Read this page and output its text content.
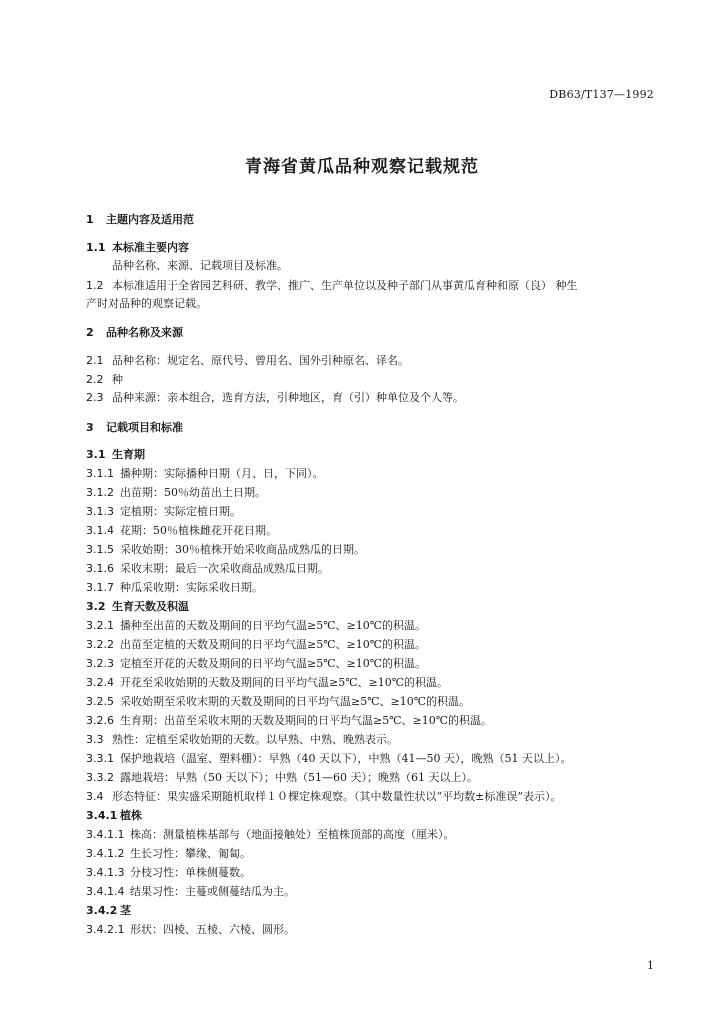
DB63/T137—1992
青海省黄瓜品种观察记载规范
1 主题内容及适用范
1.1 本标准主要内容
品种名称、来源、记载项目及标准。
1.2 本标准适用于全省园艺科研、教学、推广、生产单位以及种子部门从事黄瓜育种和原（良） 种生
产时对品种的观察记载。
2 品种名称及来源
2.1 品种名称：规定名、原代号、曾用名、国外引种原名、译名。
2.2 种
2.3 品种来源：亲本组合，选育方法，引种地区，育（引）种单位及个人等。
3 记载项目和标准
3.1 生育期
3.1.1 播种期：实际播种日期（月、日，下同）。
3.1.2 出苗期：50％幼苗出土日期。
3.1.3 定植期：实际定植日期。
3.1.4 花期：50％植株雌花开花日期。
3.1.5 采收始期：30％植株开始采收商品成熟瓜的日期。
3.1.6 采收末期：最后一次采收商品成熟瓜日期。
3.1.7 种瓜采收期：实际采收日期。
3.2 生育天数及积温
3.2.1 播种至出苗的天数及期间的日平均气温≥5℃、≥10℃的积温。
3.2.2 出苗至定植的天数及期间的日平均气温≥5℃、≥10℃的积温。
3.2.3 定植至开花的天数及期间的日平均气温≥5℃、≥10℃的积温。
3.2.4 开花至采收始期的天数及期间的日平均气温≥5℃、≥10℃的积温。
3.2.5 采收始期至采收末期的天数及期间的日平均气温≥5℃、≥10℃的积温。
3.2.6 生育期：出苗至采收末期的天数及期间的日平均气温≥5℃、≥10℃的积温。
3.3 熟性：定植至采收始期的天数。以早熟、中熟、晚熟表示。
3.3.1 保护地栽培（温室、塑料棚）：早熟（40 天以下），中熟（41—50 天），晚熟（51 天以上）。
3.3.2 露地栽培：早熟（50 天以下）；中熟（51—60 天）；晚熟（61 天以上）。
3.4 形态特征：果实盛采期随机取样１０棵定株观察。（其中数量性状以“平均数±标准误”表示）。
3.4.1 植株
3.4.1.1 株高：测量植株基部与（地面接触处）至植株顶部的高度（厘米）。
3.4.1.2 生长习性：攀缘、匍匐。
3.4.1.3 分枝习性：单株侧蔓数。
3.4.1.4 结果习性：主蔓或侧蔓结瓜为主。
3.4.2 茎
3.4.2.1 形状：四棱、五棱、六棱、圆形。
1
